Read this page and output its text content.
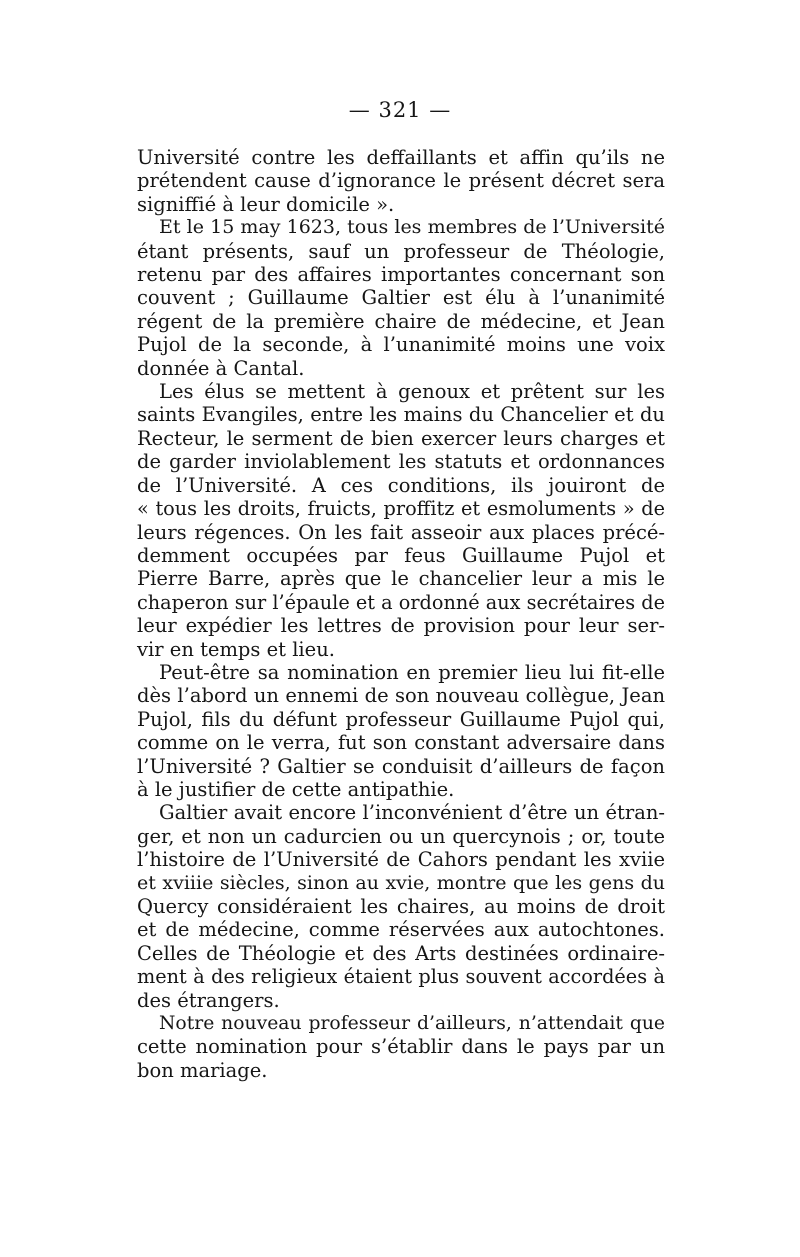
— 321 —
Université contre les deffaillants et affin qu’ils ne
prétendent cause d’ignorance le présent décret sera
signiffié à leur domicile ».
Et le 15 may 1623, tous les membres de l’Université
étant présents, sauf un professeur de Théologie,
retenu par des affaires importantes concernant son
couvent ; Guillaume Galtier est élu à l’unanimité
régent de la première chaire de médecine, et Jean
Pujol de la seconde, à l’unanimité moins une voix
donnée à Cantal.
Les élus se mettent à genoux et prêtent sur les
saints Evangiles, entre les mains du Chancelier et du
Recteur, le serment de bien exercer leurs charges et
de garder inviolablement les statuts et ordonnances
de l’Université. A ces conditions, ils jouiront de
« tous les droits, fruicts, proffitz et esmoluments » de
leurs régences. On les fait asseoir aux places précé-
demment occupées par feus Guillaume Pujol et
Pierre Barre, après que le chancelier leur a mis le
chaperon sur l’épaule et a ordonné aux secrétaires de
leur expédier les lettres de provision pour leur ser-
vir en temps et lieu.
Peut-être sa nomination en premier lieu lui fit-elle
dès l’abord un ennemi de son nouveau collègue, Jean
Pujol, fils du défunt professeur Guillaume Pujol qui,
comme on le verra, fut son constant adversaire dans
l’Université ? Galtier se conduisit d’ailleurs de façon
à le justifier de cette antipathie.
Galtier avait encore l’inconvénient d’être un étran-
ger, et non un cadurcien ou un quercynois ; or, toute
l’histoire de l’Université de Cahors pendant les xviie
et xviiie siècles, sinon au xvie, montre que les gens du
Quercy considéraient les chaires, au moins de droit
et de médecine, comme réservées aux autochtones.
Celles de Théologie et des Arts destinées ordinaire-
ment à des religieux étaient plus souvent accordées à
des étrangers.
Notre nouveau professeur d’ailleurs, n’attendait que
cette nomination pour s’établir dans le pays par un
bon mariage.
